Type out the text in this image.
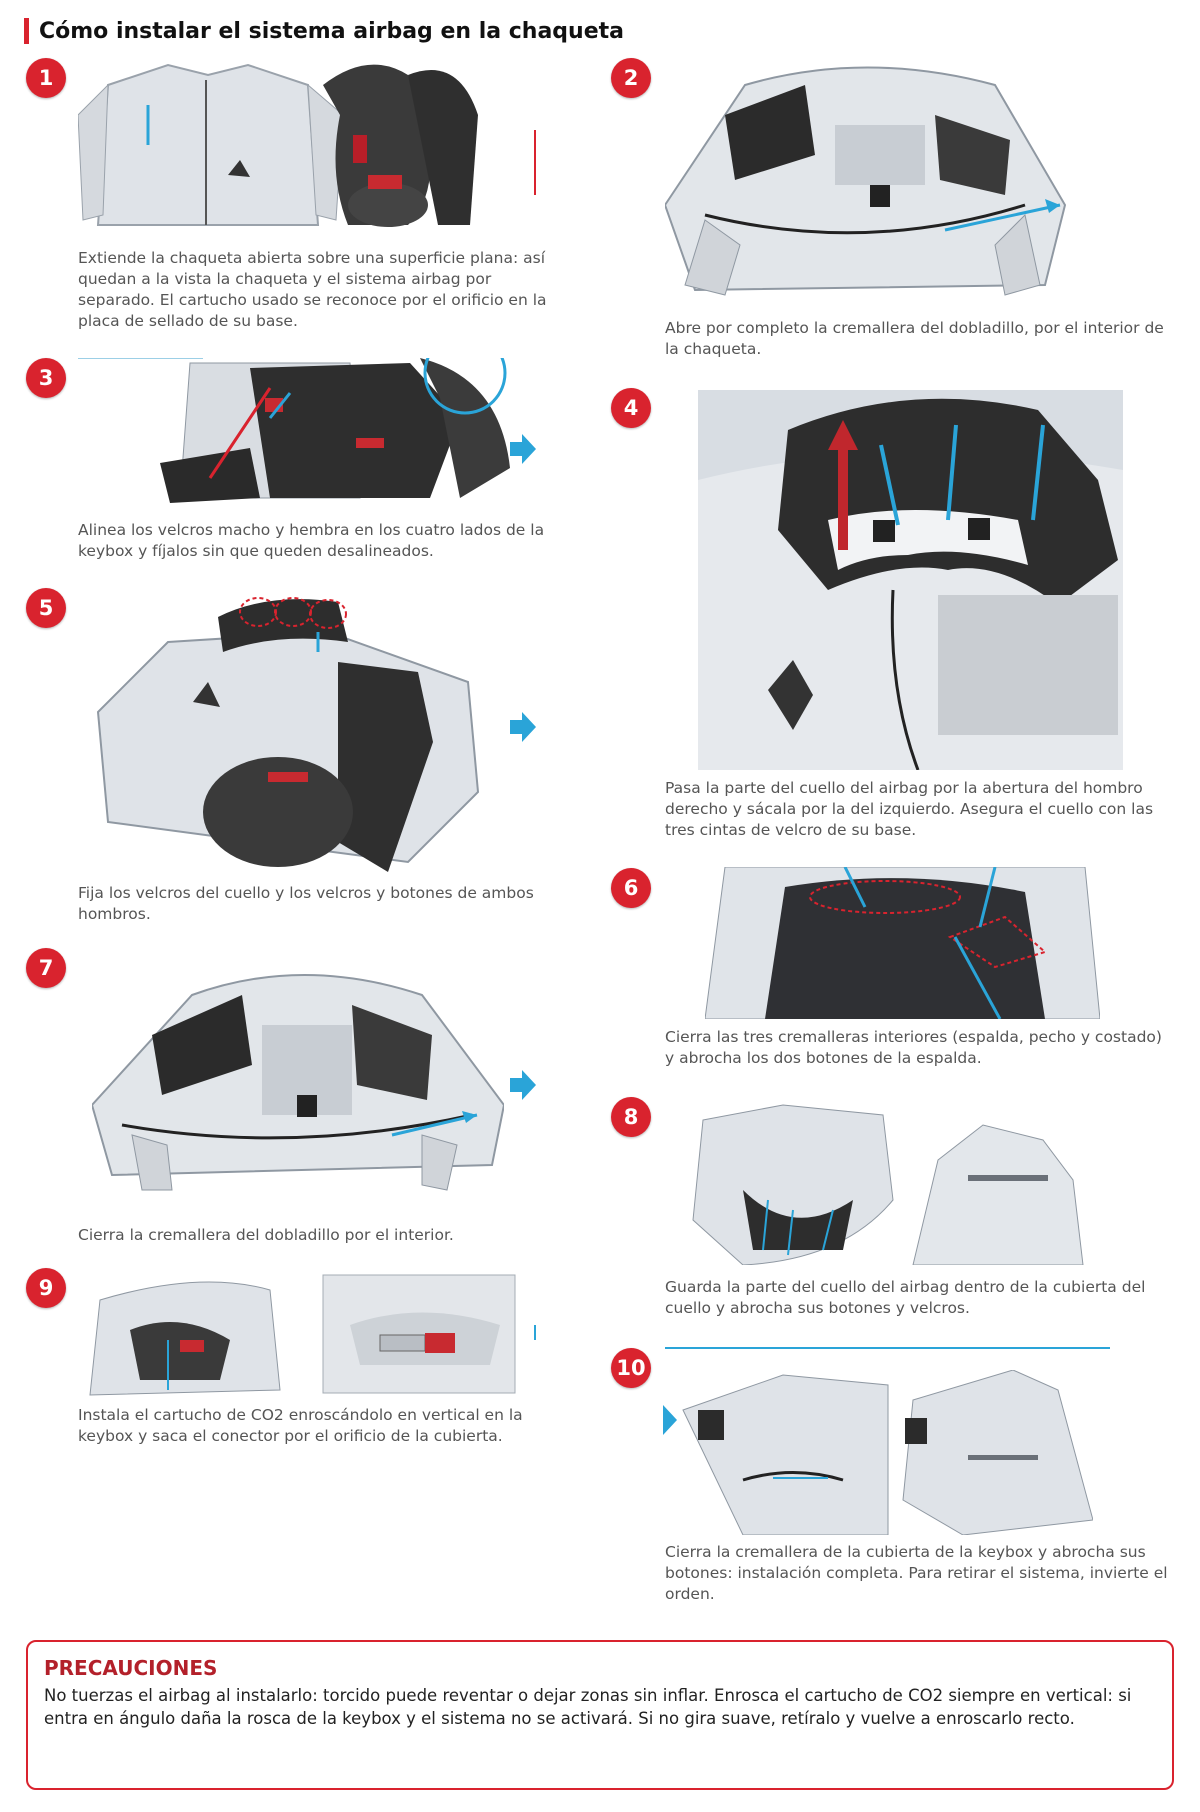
Cómo instalar el sistema airbag en la chaqueta
1
Extiende la chaqueta abierta sobre una superficie plana: así quedan a la vista la chaqueta y el sistema airbag por separado. El cartucho usado se reconoce por el orificio en la placa de sellado de su base.
2
Abre por completo la cremallera del dobladillo, por el interior de la chaqueta.
3
Alinea los velcros macho y hembra en los cuatro lados de la keybox y fíjalos sin que queden desalineados.
4
Pasa la parte del cuello del airbag por la abertura del hombro derecho y sácala por la del izquierdo. Asegura el cuello con las tres cintas de velcro de su base.
5
Fija los velcros del cuello y los velcros y botones de ambos hombros.
6
Cierra las tres cremalleras interiores (espalda, pecho y costado) y abrocha los dos botones de la espalda.
7
Cierra la cremallera del dobladillo por el interior.
8
Guarda la parte del cuello del airbag dentro de la cubierta del cuello y abrocha sus botones y velcros.
9
Instala el cartucho de CO2 enroscándolo en vertical en la keybox y saca el conector por el orificio de la cubierta.
10
Cierra la cremallera de la cubierta de la keybox y abrocha sus botones: instalación completa. Para retirar el sistema, invierte el orden.
PRECAUCIONES

No tuerzas el airbag al instalarlo: torcido puede reventar o dejar zonas sin inflar. Enrosca el cartucho de CO2 siempre en vertical: si entra en ángulo daña la rosca de la keybox y el sistema no se activará. Si no gira suave, retíralo y vuelve a enroscarlo recto.
